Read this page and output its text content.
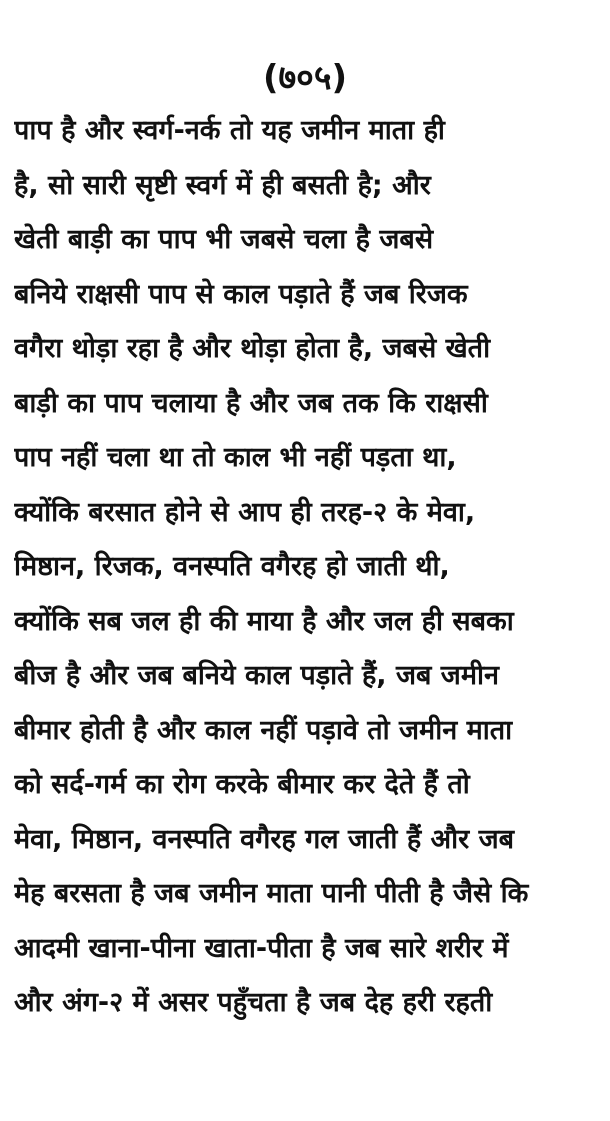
(७०५)
पाप है और स्वर्ग-नर्क तो यह जमीन माता ही
है, सो सारी सृष्टी स्वर्ग में ही बसती है; और
खेती बाड़ी का पाप भी जबसे चला है जबसे
बनिये राक्षसी पाप से काल पड़ाते हैं जब रिजक
वगैरा थोड़ा रहा है और थोड़ा होता है, जबसे खेती
बाड़ी का पाप चलाया है और जब तक कि राक्षसी
पाप नहीं चला था तो काल भी नहीं पड़ता था,
क्योंकि बरसात होने से आप ही तरह-२ के मेवा,
मिष्ठान, रिजक, वनस्पति वगैरह हो जाती थी,
क्योंकि सब जल ही की माया है और जल ही सबका
बीज है और जब बनिये काल पड़ाते हैं, जब जमीन
बीमार होती है और काल नहीं पड़ावे तो जमीन माता
को सर्द-गर्म का रोग करके बीमार कर देते हैं तो
मेवा, मिष्ठान, वनस्पति वगैरह गल जाती हैं और जब
मेह बरसता है जब जमीन माता पानी पीती है जैसे कि
आदमी खाना-पीना खाता-पीता है जब सारे शरीर में
और अंग-२ में असर पहुँचता है जब देह हरी रहती
